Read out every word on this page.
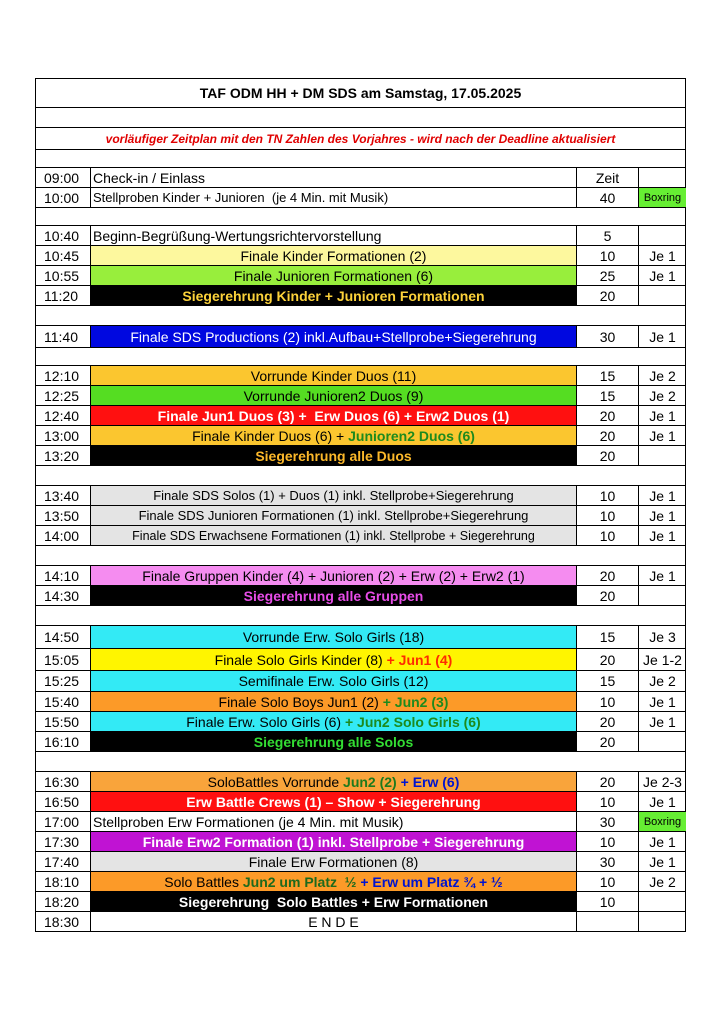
TAF ODM HH + DM SDS am Samstag, 17.05.2025
vorläufiger Zeitplan mit den TN Zahlen des Vorjahres - wird nach der Deadline aktualisiert
09:00 Check-in / Einlass	Zeit
10:00	Stellproben Kinder + Junioren  (je 4 Min. mit Musik)	40	Boxring
10:40 Beginn-Begrüßung-Wertungsrichtervorstellung	5
10:45	Finale Kinder Formationen (2)	10	Je 1
10:55	Finale Junioren Formationen (6)	25	Je 1
11:20	Siegerehrung Kinder + Junioren Formationen	20
11:40	Finale SDS Productions (2) inkl.Aufbau+Stellprobe+Siegerehrung	30	Je 1
12:10	Vorrunde Kinder Duos (11)	15	Je 2
12:25	Vorrunde Junioren2 Duos (9)	15	Je 2
12:40	Finale Jun1 Duos (3) +  Erw Duos (6) + Erw2 Duos (1)	20	Je 1
13:00	Finale Kinder Duos (6) + Junioren2 Duos (6)	20	Je 1
13:20	Siegerehrung alle Duos	20
13:40	Finale SDS Solos (1) + Duos (1) inkl. Stellprobe+Siegerehrung	10	Je 1
13:50	Finale SDS Junioren Formationen (1) inkl. Stellprobe+Siegerehrung	10	Je 1
14:00	Finale SDS Erwachsene Formationen (1) inkl. Stellprobe + Siegerehrung	10	Je 1
14:10	Finale Gruppen Kinder (4) + Junioren (2) + Erw (2) + Erw2 (1)	20	Je 1
14:30	Siegerehrung alle Gruppen	20
14:50	Vorrunde Erw. Solo Girls (18)	15	Je 3
15:05	Finale Solo Girls Kinder (8) + Jun1 (4)	20	Je 1-2
15:25	Semifinale Erw. Solo Girls (12)	15	Je 2
15:40	Finale Solo Boys Jun1 (2) + Jun2 (3)	10	Je 1
15:50	Finale Erw. Solo Girls (6) + Jun2 Solo Girls (6)	20	Je 1
16:10	Siegerehrung alle Solos	20
16:30	SoloBattles Vorrunde Jun2 (2) + Erw (6)	20	Je 2-3
16:50	Erw Battle Crews (1) – Show + Siegerehrung	10	Je 1
17:00 Stellproben Erw Formationen (je 4 Min. mit Musik)	30	Boxring
17:30	Finale Erw2 Formation (1) inkl. Stellprobe + Siegerehrung	10	Je 1
17:40	Finale Erw Formationen (8)	30	Je 1
18:10	Solo Battles Jun2 um Platz  ½ + Erw um Platz ¾ + ½	10	Je 2
18:20	Siegerehrung  Solo Battles + Erw Formationen	10
18:30	E N D E
